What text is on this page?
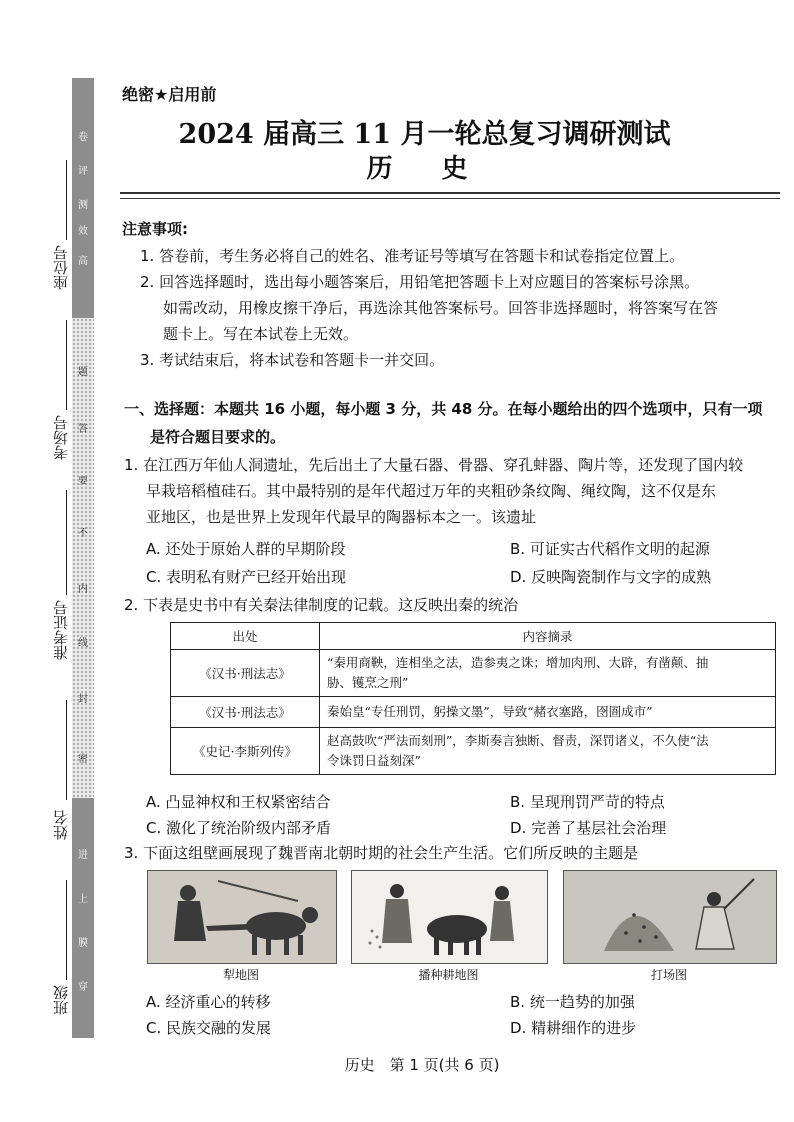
卷
评
测
效
高
题
答
要
不
内
线
封
密
进
上
膜
穿
座位号
考场号
准考证号
姓名
班级
绝密★启用前
2024 届高三 11 月一轮总复习调研测试
历 史
注意事项:
1. 答卷前，考生务必将自己的姓名、准考证号等填写在答题卡和试卷指定位置上。
2. 回答选择题时，选出每小题答案后，用铅笔把答题卡上对应题目的答案标号涂黑。
如需改动，用橡皮擦干净后，再选涂其他答案标号。回答非选择题时，将答案写在答
题卡上。写在本试卷上无效。
3. 考试结束后，将本试卷和答题卡一并交回。
一、选择题：本题共 16 小题，每小题 3 分，共 48 分。在每小题给出的四个选项中，只有一项
是符合题目要求的。
1. 在江西万年仙人洞遗址，先后出土了大量石器、骨器、穿孔蚌器、陶片等，还发现了国内较
早栽培稻植硅石。其中最特别的是年代超过万年的夹粗砂条纹陶、绳纹陶，这不仅是东
亚地区，也是世界上发现年代最早的陶器标本之一。该遗址
A. 还处于原始人群的早期阶段	B. 可证实古代稻作文明的起源
C. 表明私有财产已经开始出现	D. 反映陶瓷制作与文字的成熟
2. 下表是史书中有关秦法律制度的记载。这反映出秦的统治
出处	内容摘录
《汉书·刑法志》	“秦用商鞅，连相坐之法，造参夷之诛；增加肉刑、大辟，有凿颠、抽
胁、镬烹之刑”

《汉书·刑法志》	秦始皇“专任刑罚，躬操文墨”，导致“赭衣塞路，囹圄成市”
《史记·李斯列传》	赵高鼓吹“严法而刻刑”，李斯奏言独断、督责，深罚诸义，不久使“法
令诛罚日益刻深”
A. 凸显神权和王权紧密结合	B. 呈现刑罚严苛的特点
C. 激化了统治阶级内部矛盾	D. 完善了基层社会治理
3. 下面这组壁画展现了魏晋南北朝时期的社会生产生活。它们所反映的主题是
犁地图	播种耕地图	打场图
A. 经济重心的转移	B. 统一趋势的加强
C. 民族交融的发展	D. 精耕细作的进步
历史　第 1 页(共 6 页)
